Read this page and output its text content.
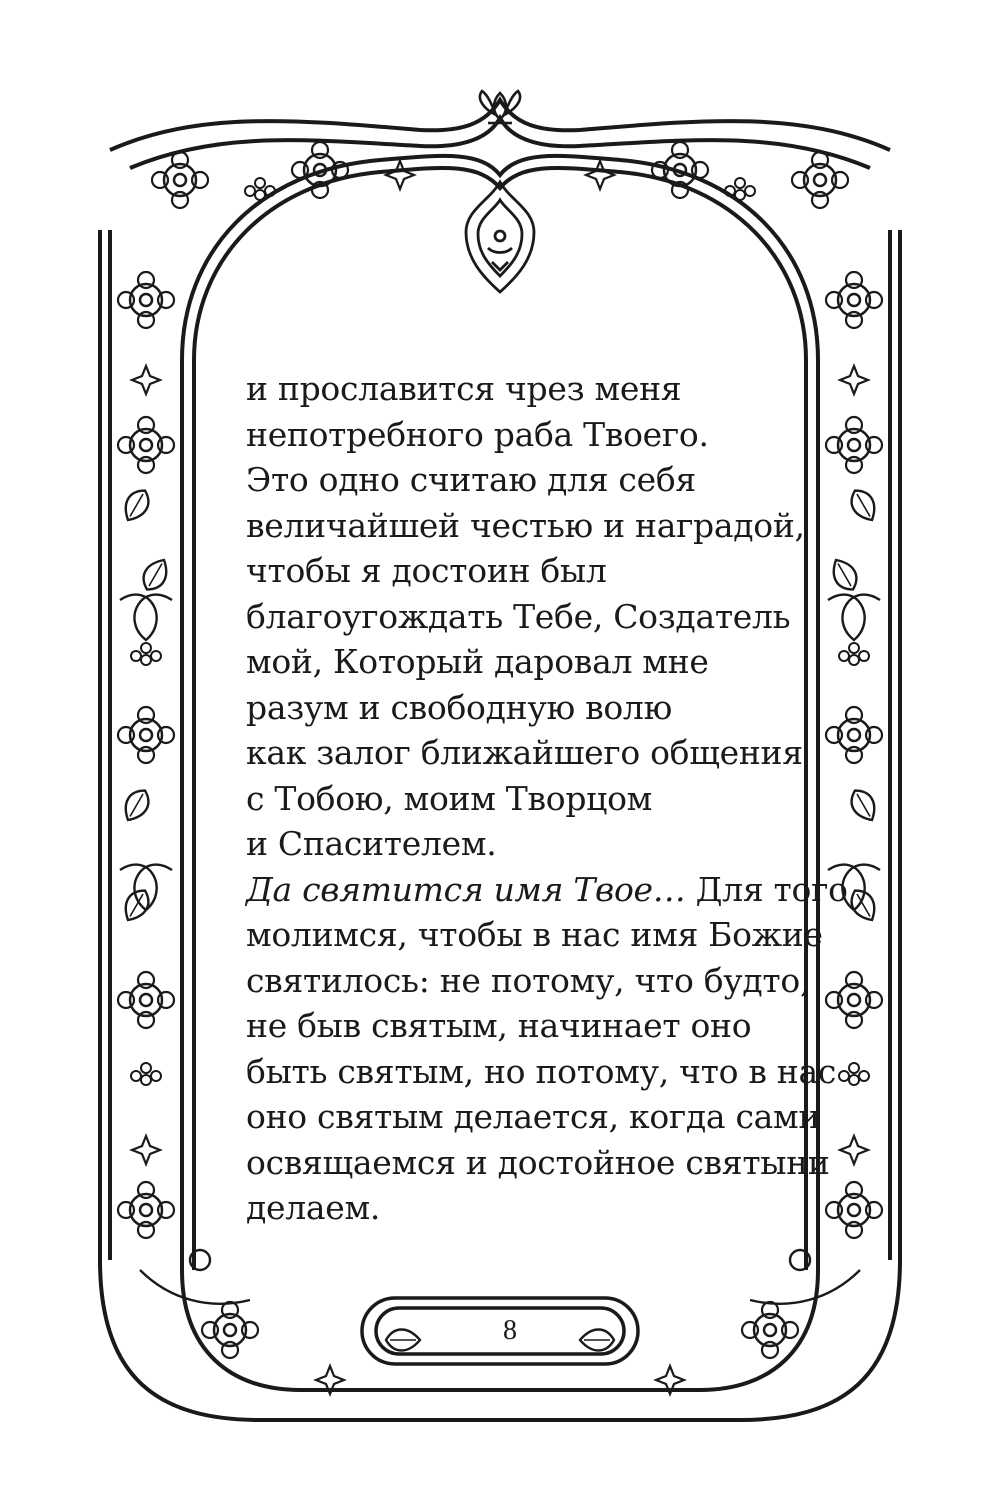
и прославится чрез меня
непотребного раба Твоего.
Это одно считаю для себя
величайшей честью и наградой,
чтобы я достоин был
благоугождать Тебе, Создатель
мой, Который даровал мне
разум и свободную волю
как залог ближайшего общения
с Тобою, моим Творцом
и Спасителем.
Да святится имя Твое… Для того
молимся, чтобы в нас имя Божие
святилось: не потому, что будто,
не быв святым, начинает оно
быть святым, но потому, что в нас
оно святым делается, когда сами
освящаемся и достойное святыни
делаем.
8
